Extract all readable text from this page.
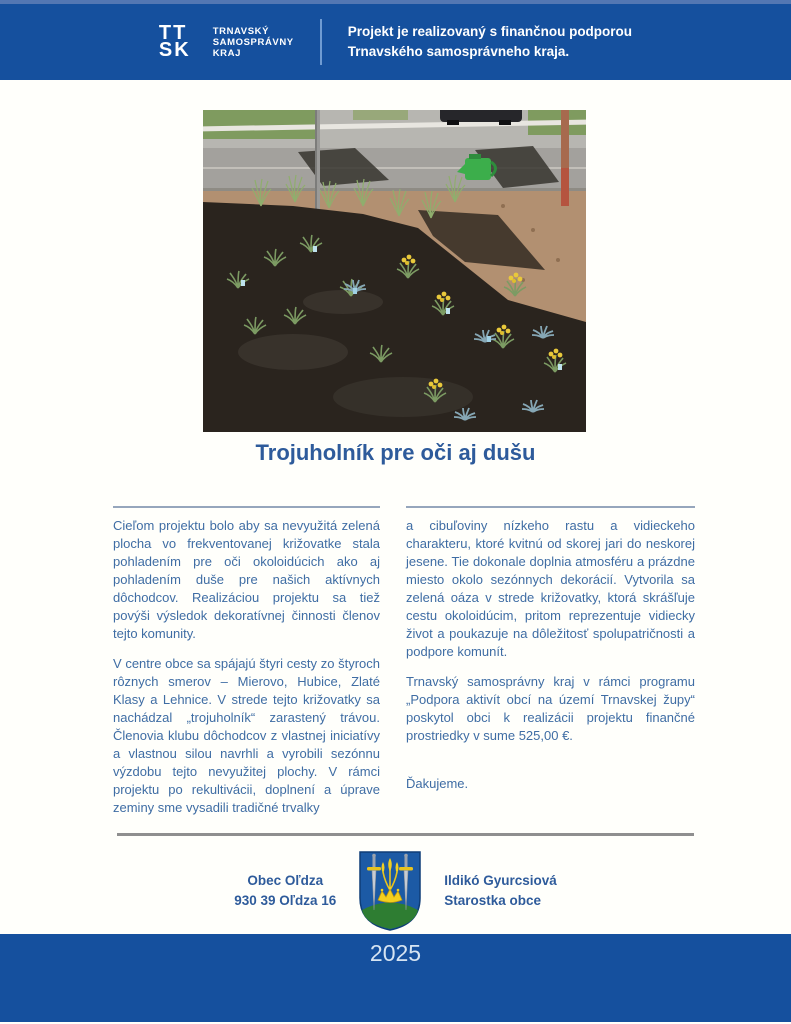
TT
SK
TRNAVSKÝ
SAMOSPRÁVNY
KRAJ
Projekt je realizovaný s finančnou podporou
Trnavského samosprávneho kraja.
Trojuholník pre oči aj dušu

Cieľom projektu bolo aby sa nevyužitá zelená plocha vo frekventovanej križovatke stala pohladením pre oči okoloidúcich ako aj pohladením duše pre našich aktívnych dôchodcov. Realizáciou projektu sa tiež povýši výsledok dekoratívnej činnosti členov tejto komunity.

V centre obce sa spájajú štyri cesty zo štyroch rôznych smerov – Mierovo, Hubice, Zlaté Klasy a Lehnice. V strede tejto križovatky sa nachádzal „trojuholník“ zarastený trávou. Členovia klubu dôchodcov z vlastnej iniciatívy a vlastnou silou navrhli a vyrobili sezónnu výzdobu tejto nevyužitej plochy. V rámci projektu po rekultivácii, doplnení a úprave zeminy sme vysadili tradičné trvalky

a cibuľoviny nízkeho rastu a vidieckeho charakteru, ktoré kvitnú od skorej jari do neskorej jesene. Tie dokonale doplnia atmosféru a prázdne miesto okolo sezónnych dekorácií. Vytvorila sa zelená oáza v strede križovatky, ktorá skrášľuje cestu okoloidúcim, pritom reprezentuje vidiecky život a poukazuje na dôležitosť spolupatričnosti a podpore komunít.

Trnavský samosprávny kraj v rámci programu „Podpora aktivít obcí na území Trnavskej župy“ poskytol obci k realizácii projektu finančné prostriedky v sume 525,00 €.

Ďakujeme.

Obec Oľdza
930 39 Oľdza 16
Ildikó Gyurcsiová
Starostka obce
2025
